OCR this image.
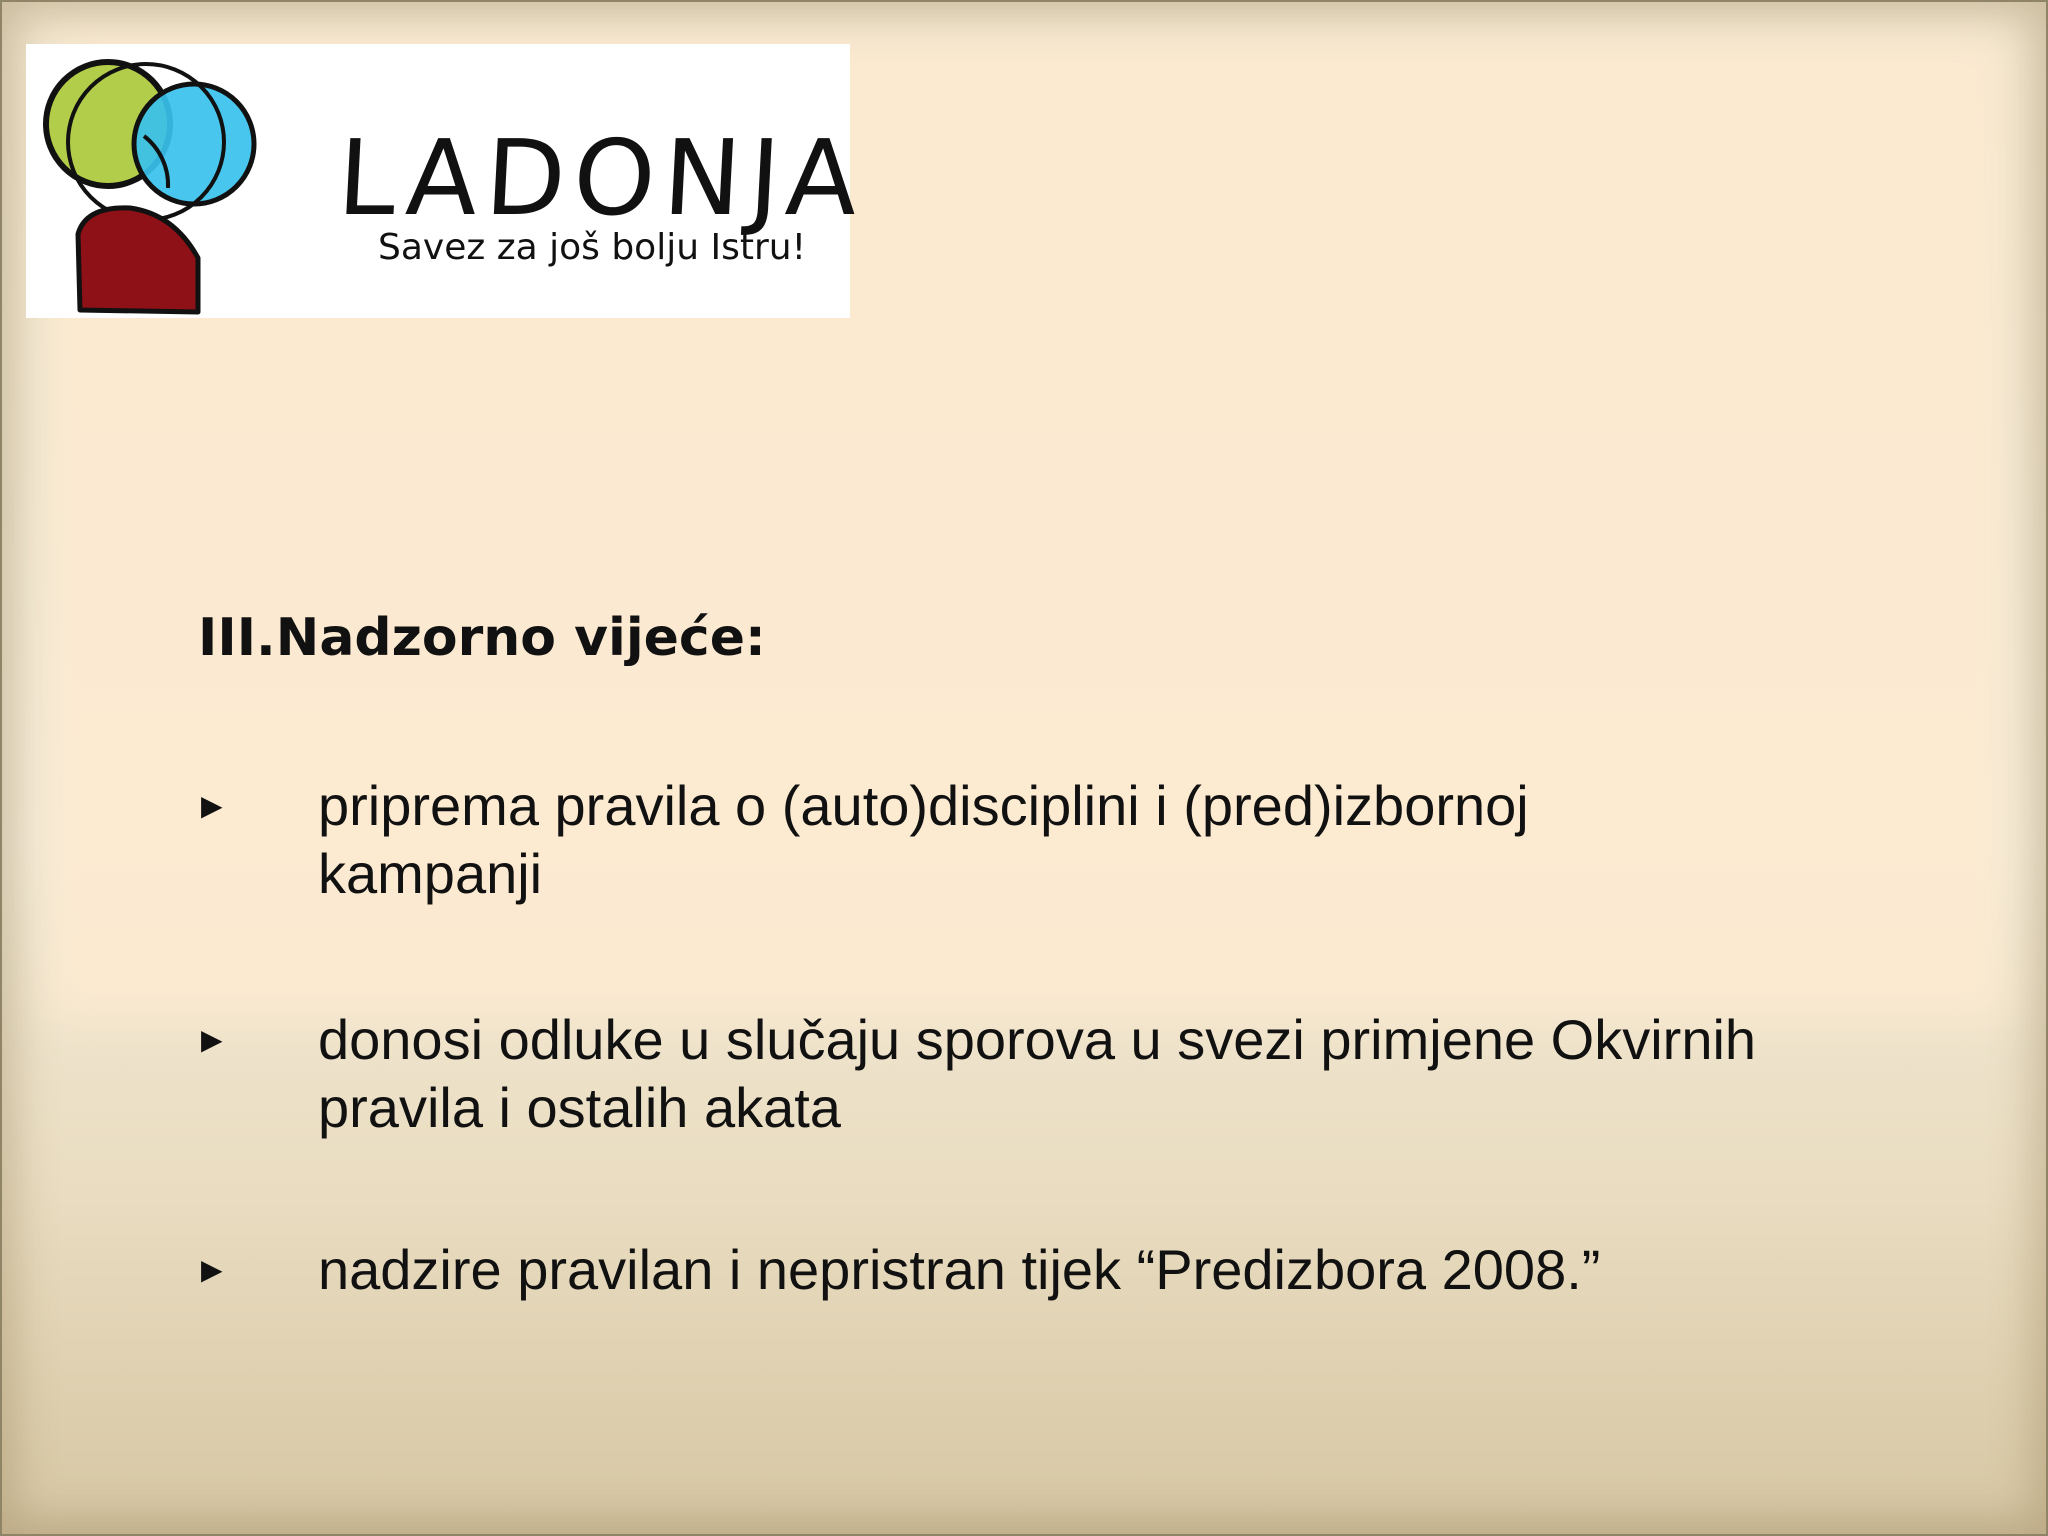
LADONJA
Savez za još bolju Istru!
III.Nadzorno vijeće:
▶ priprema pravila o (auto)disciplini i (pred)izbornoj
kampanji
▶ donosi odluke u slučaju sporova u svezi primjene Okvirnih
pravila i ostalih akata
▶ nadzire pravilan i nepristran tijek “Predizbora 2008.”
